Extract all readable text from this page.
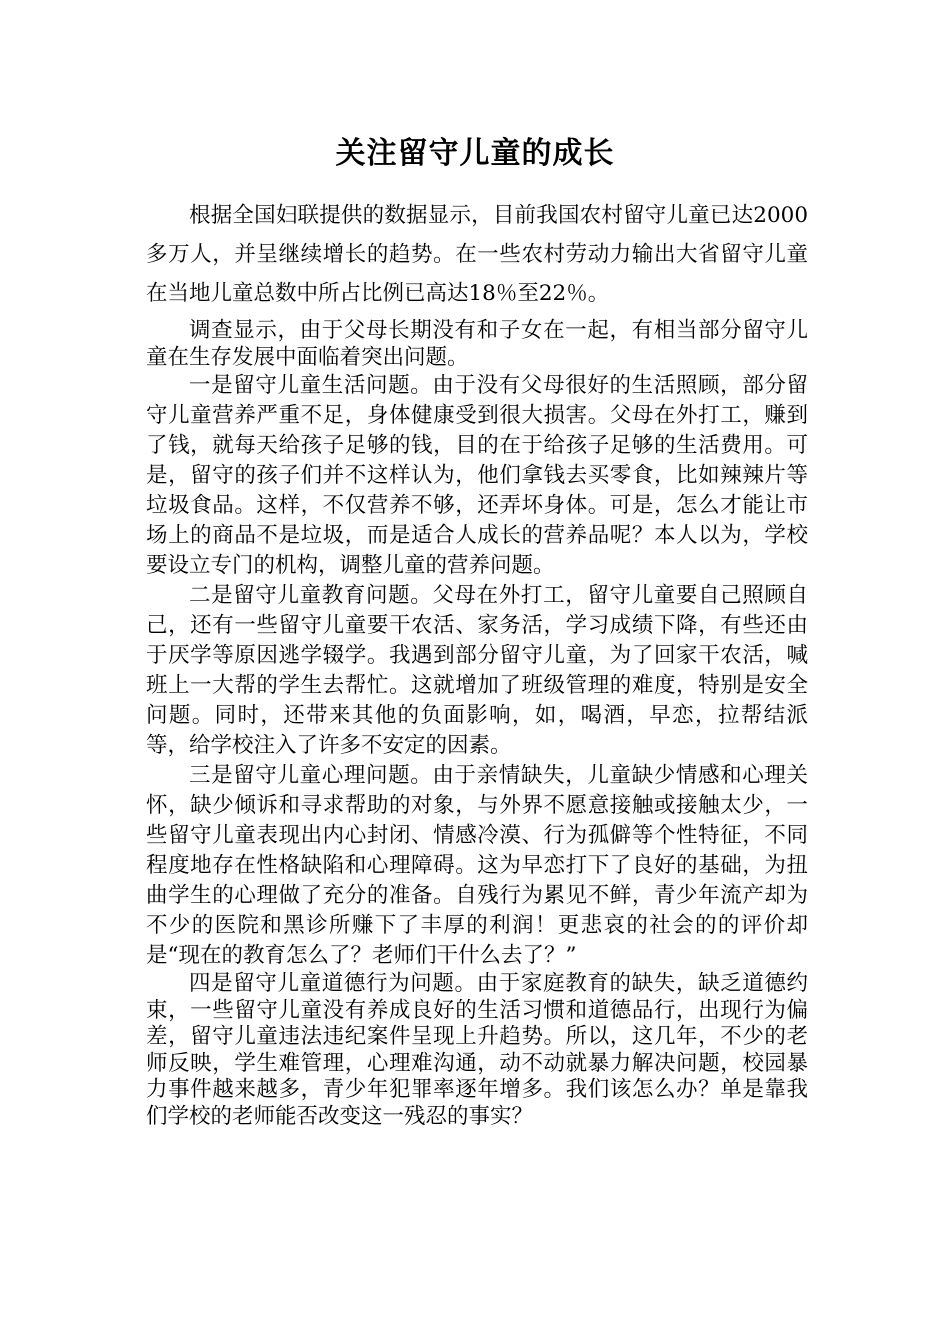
关注留守儿童的成长

根据全国妇联提供的数据显示，目前我国农村留守儿童已达2000多万人，并呈继续增长的趋势。在一些农村劳动力输出大省留守儿童在当地儿童总数中所占比例已高达18％至22％。

调查显示，由于父母长期没有和子女在一起，有相当部分留守儿童在生存发展中面临着突出问题。

一是留守儿童生活问题。由于没有父母很好的生活照顾，部分留守儿童营养严重不足，身体健康受到很大损害。父母在外打工，赚到了钱，就每天给孩子足够的钱，目的在于给孩子足够的生活费用。可是，留守的孩子们并不这样认为，他们拿钱去买零食，比如辣辣片等垃圾食品。这样，不仅营养不够，还弄坏身体。可是，怎么才能让市场上的商品不是垃圾，而是适合人成长的营养品呢？本人以为，学校要设立专门的机构，调整儿童的营养问题。

二是留守儿童教育问题。父母在外打工，留守儿童要自己照顾自己，还有一些留守儿童要干农活、家务活，学习成绩下降，有些还由于厌学等原因逃学辍学。我遇到部分留守儿童，为了回家干农活，喊班上一大帮的学生去帮忙。这就增加了班级管理的难度，特别是安全问题。同时，还带来其他的负面影响，如，喝酒，早恋，拉帮结派等，给学校注入了许多不安定的因素。

三是留守儿童心理问题。由于亲情缺失，儿童缺少情感和心理关怀，缺少倾诉和寻求帮助的对象，与外界不愿意接触或接触太少，一些留守儿童表现出内心封闭、情感冷漠、行为孤僻等个性特征，不同程度地存在性格缺陷和心理障碍。这为早恋打下了良好的基础，为扭曲学生的心理做了充分的准备。自残行为累见不鲜，青少年流产却为不少的医院和黑诊所赚下了丰厚的利润！更悲哀的社会的的评价却是“现在的教育怎么了？老师们干什么去了？”

四是留守儿童道德行为问题。由于家庭教育的缺失，缺乏道德约束，一些留守儿童没有养成良好的生活习惯和道德品行，出现行为偏差，留守儿童违法违纪案件呈现上升趋势。所以，这几年，不少的老师反映，学生难管理，心理难沟通，动不动就暴力解决问题，校园暴力事件越来越多，青少年犯罪率逐年增多。我们该怎么办？单是靠我们学校的老师能否改变这一残忍的事实？
